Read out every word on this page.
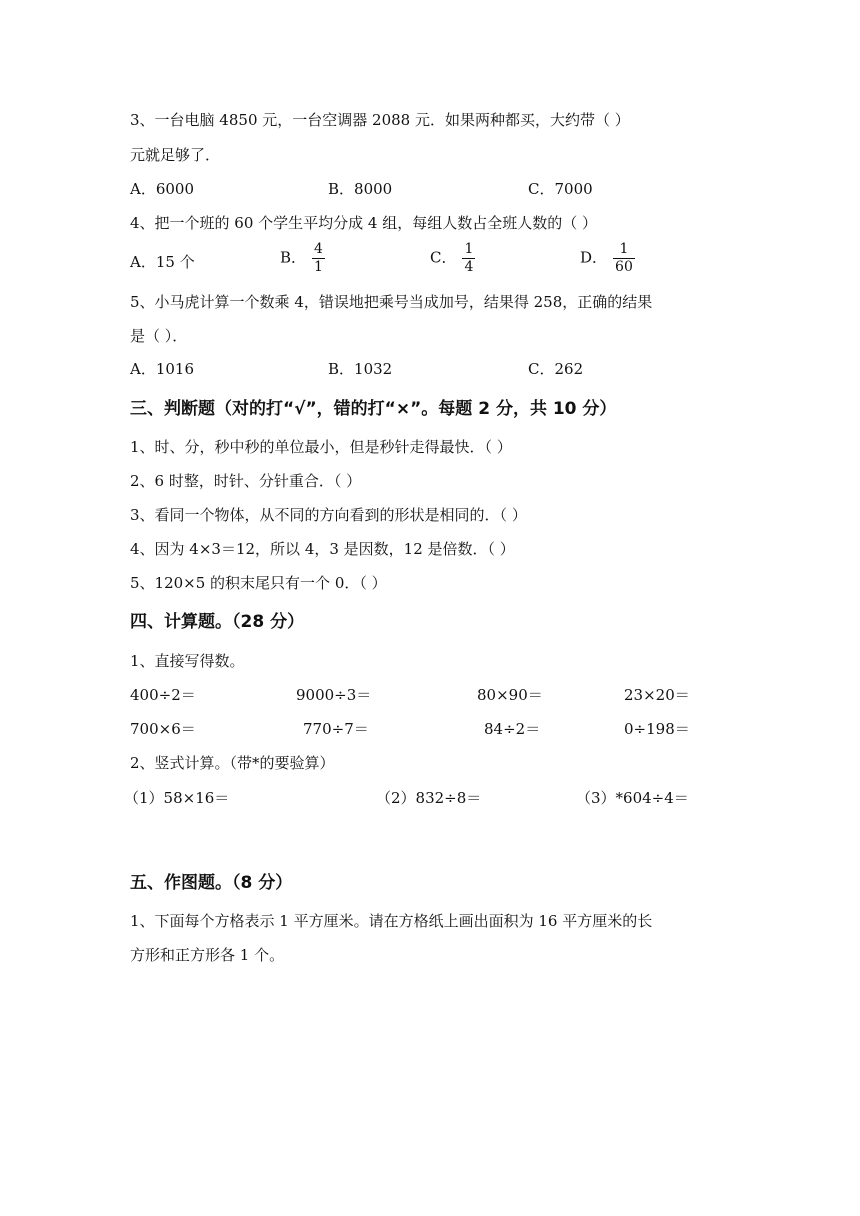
3、一台电脑 4850 元，一台空调器 2088 元．如果两种都买，大约带（ ）
元就足够了．
A．6000	B．8000	C．7000
4、把一个班的 60 个学生平均分成 4 组，每组人数占全班人数的（ ）
A．15 个	B． $\frac{4}{1}$	C． $\frac{1}{4}$	D． $\frac{1}{60}$
5、小马虎计算一个数乘 4，错误地把乘号当成加号，结果得 258，正确的结果
是（ ）．
A．1016	B．1032	C．262
三、判断题（对的打“√”，错的打“×”。每题 2 分，共 10 分）
1、时、分，秒中秒的单位最小，但是秒针走得最快．（ ）
2、6 时整，时针、分针重合．（ ）
3、看同一个物体，从不同的方向看到的形状是相同的．（ ）
4、因为 4×3＝12，所以 4，3 是因数，12 是倍数．（ ）
5、120×5 的积末尾只有一个 0．（ ）
四、计算题。（28 分）
1、直接写得数。
400÷2＝	9000÷3＝	80×90＝	23×20＝
700×6＝	770÷7＝	84÷2＝	0÷198＝
2、竖式计算。（带*的要验算）
（1）58×16＝	（2）832÷8＝	（3）*604÷4＝
五、作图题。（8 分）
1、下面每个方格表示 1 平方厘米。请在方格纸上画出面积为 16 平方厘米的长
方形和正方形各 1 个。
